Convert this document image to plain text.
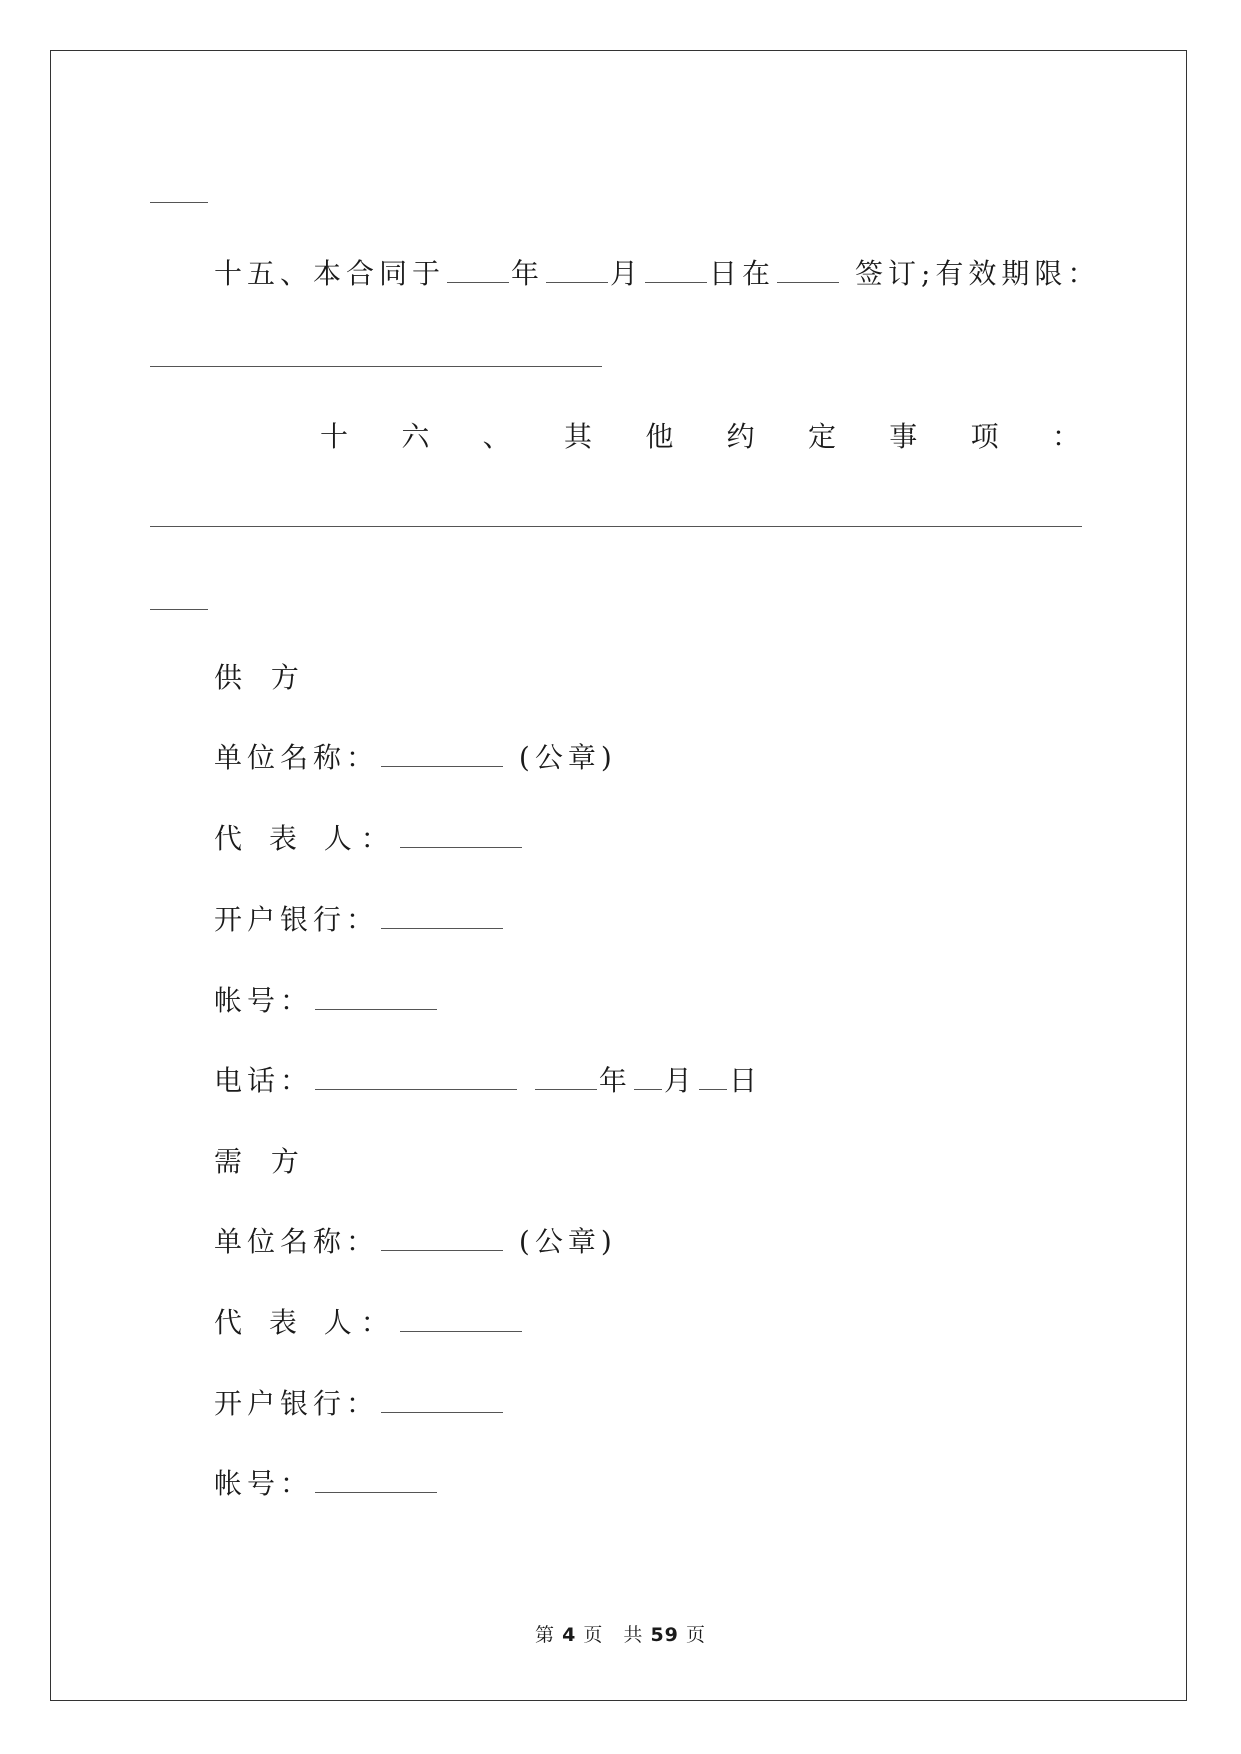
十五、本合同于 年 月 日在	签订;有效期限：
十 六 、 其 他 约 定 事 项 ：
供 方
单位名称：	(公章)
代 表 人：
开户银行：
帐号：
电话：	年 月 日
需 方
单位名称：	(公章)
代 表 人：
开户银行：
帐号：
第 4 页　共 59 页
